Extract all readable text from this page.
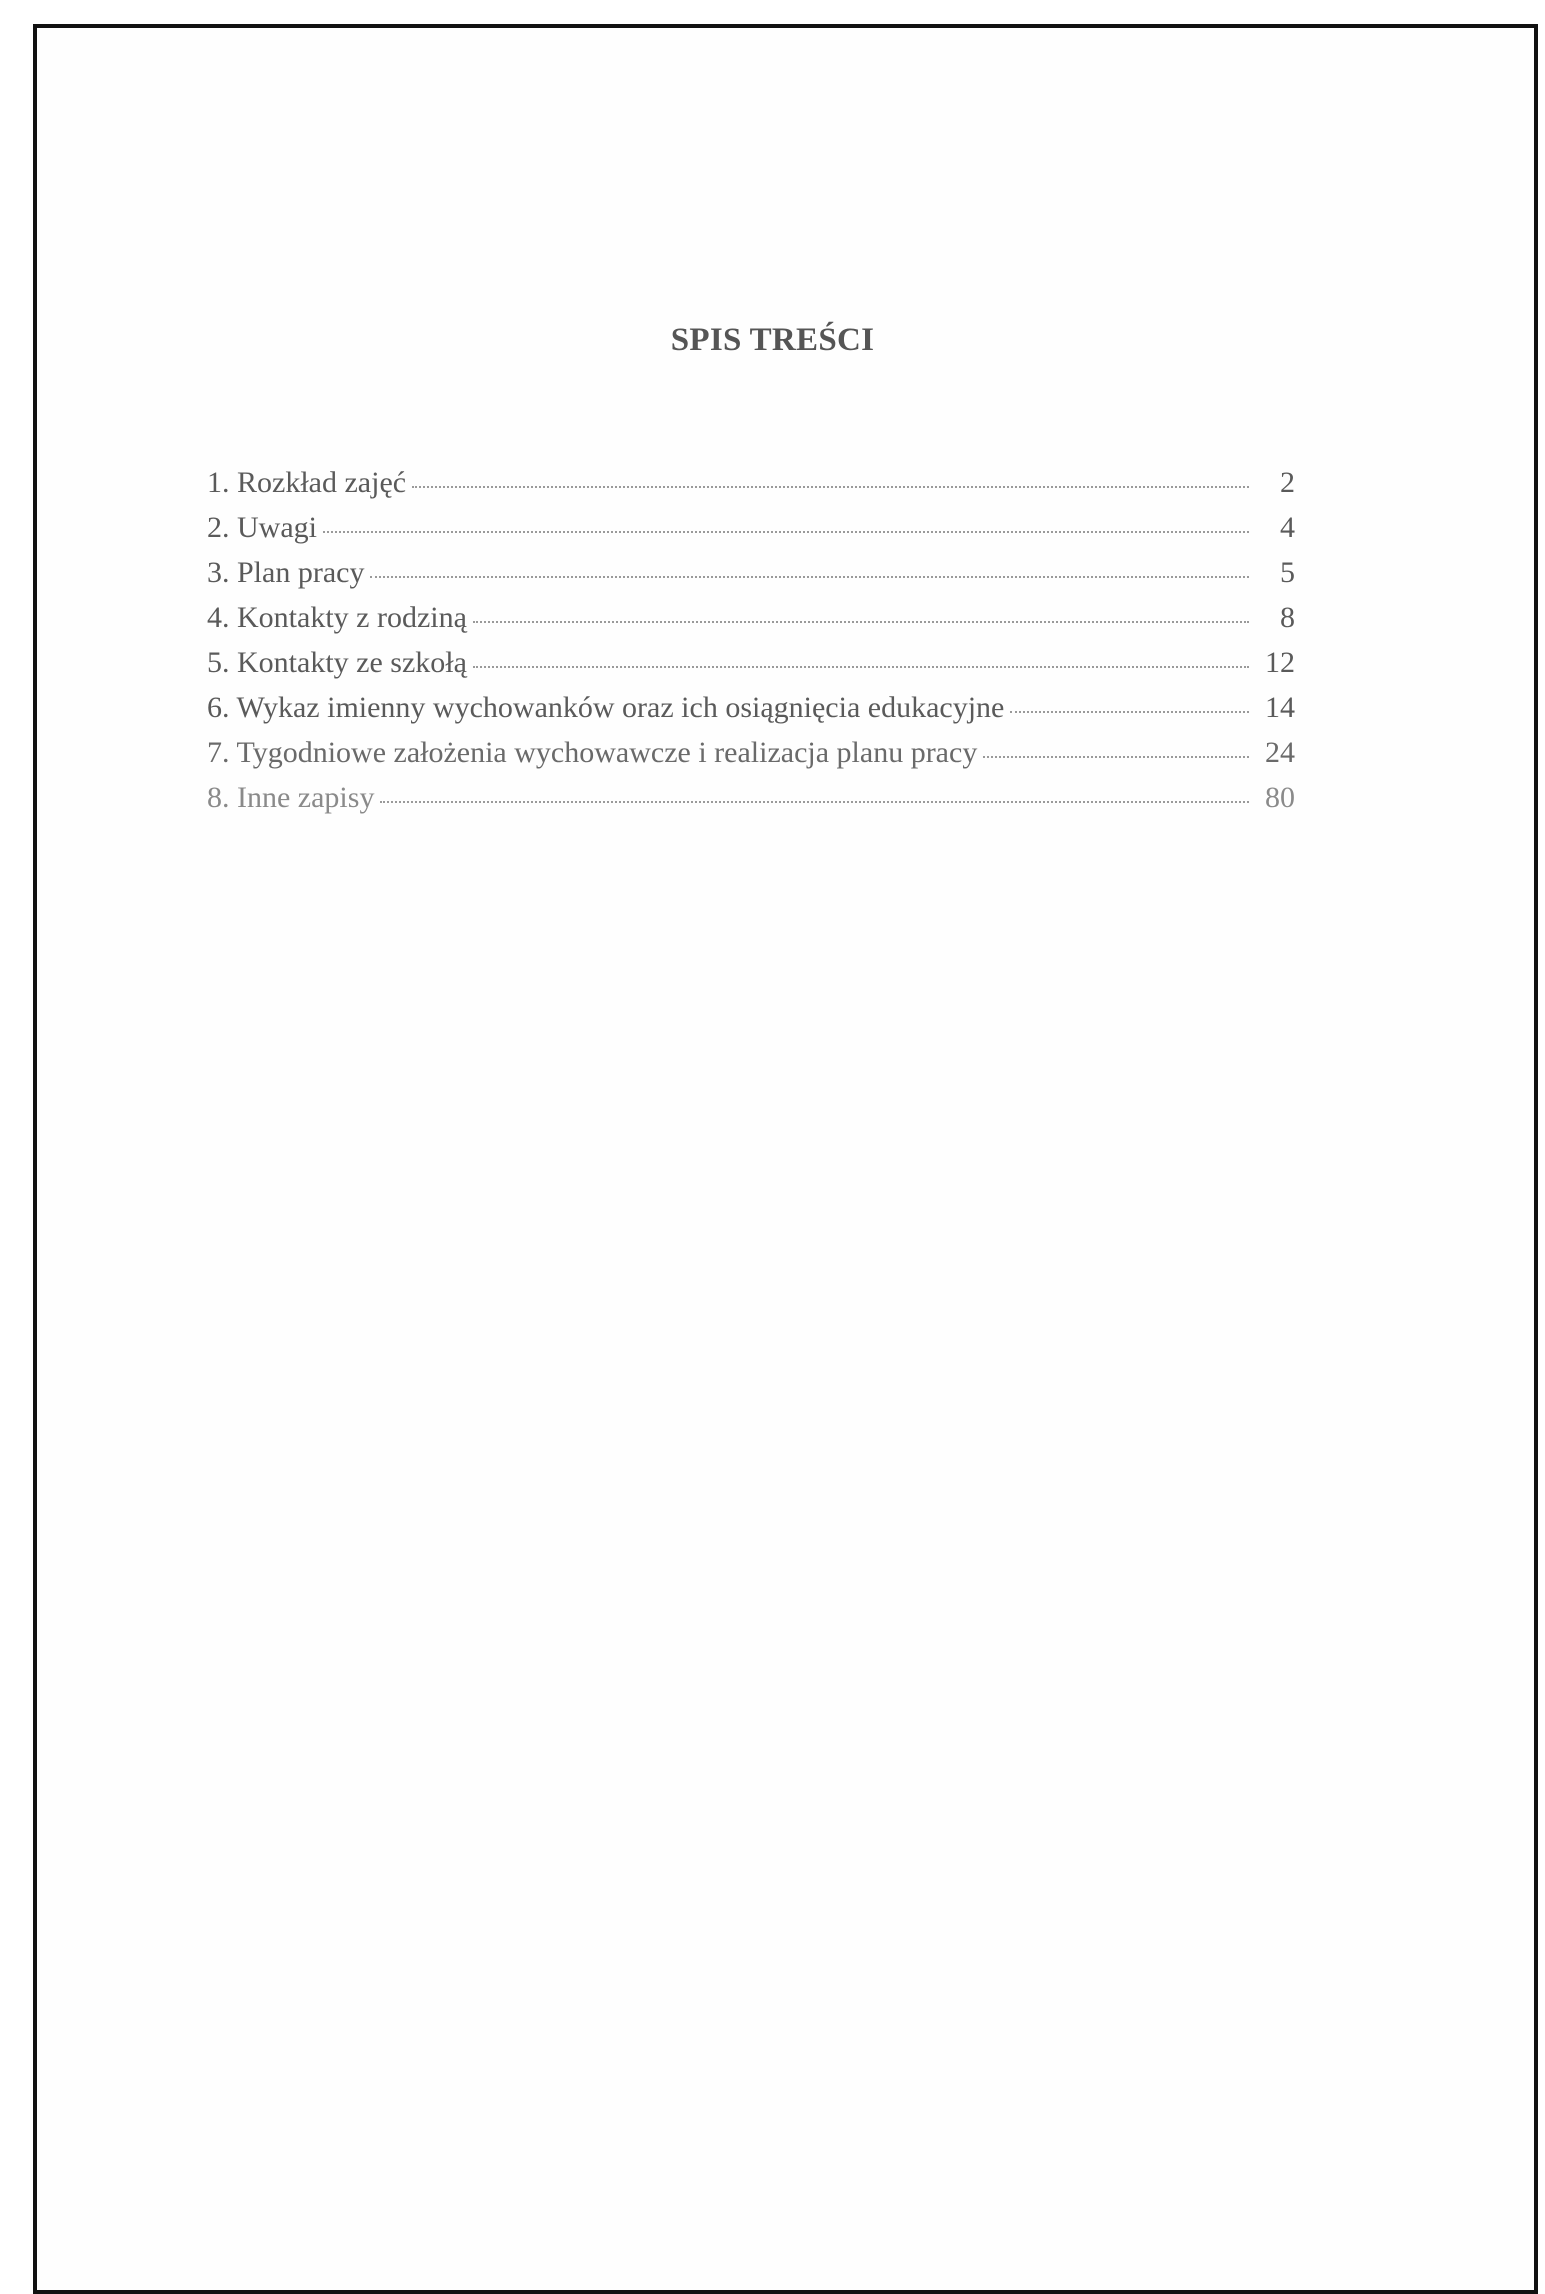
SPIS TREŚCI
1. Rozkład zajęć	2
2. Uwagi	4
3. Plan pracy	5
4. Kontakty z rodziną	8
5. Kontakty ze szkołą	12
6. Wykaz imienny wychowanków oraz ich osiągnięcia edukacyjne	14
7. Tygodniowe założenia wychowawcze i realizacja planu pracy	24
8. Inne zapisy	80
